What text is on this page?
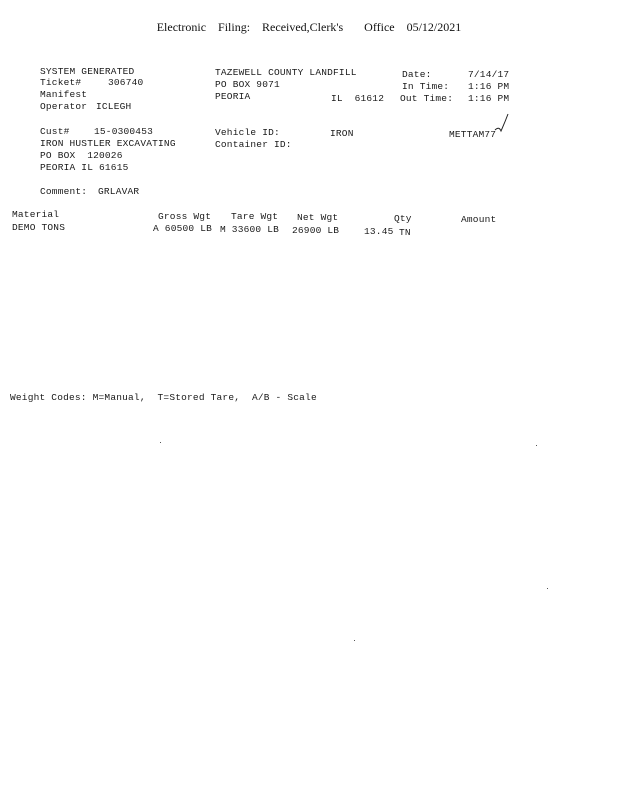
Electronic    Filing:    Received,Clerk's       Office    05/12/2021
SYSTEM GENERATED
Ticket#	306740
Manifest
Operator ICLEGH
TAZEWELL COUNTY LANDFILL
PO BOX 9071
PEORIA	IL  61612
Date:	7/14/17
In Time: 1:16 PM
Out Time: 1:16 PM
Cust#	15-0300453
IRON HUSTLER EXCAVATING
PO BOX  120026
PEORIA IL 61615
Comment: GRLAVAR
Vehicle ID:	IRON
Container ID:
METTAM77
Material	Gross Wgt Tare Wgt Net Wgt	Qty	Amount
DEMO TONS	A 60500 LB M 33600 LB 26900 LB	13.45 TN
Weight Codes: M=Manual,  T=Stored Tare,  A/B - Scale
